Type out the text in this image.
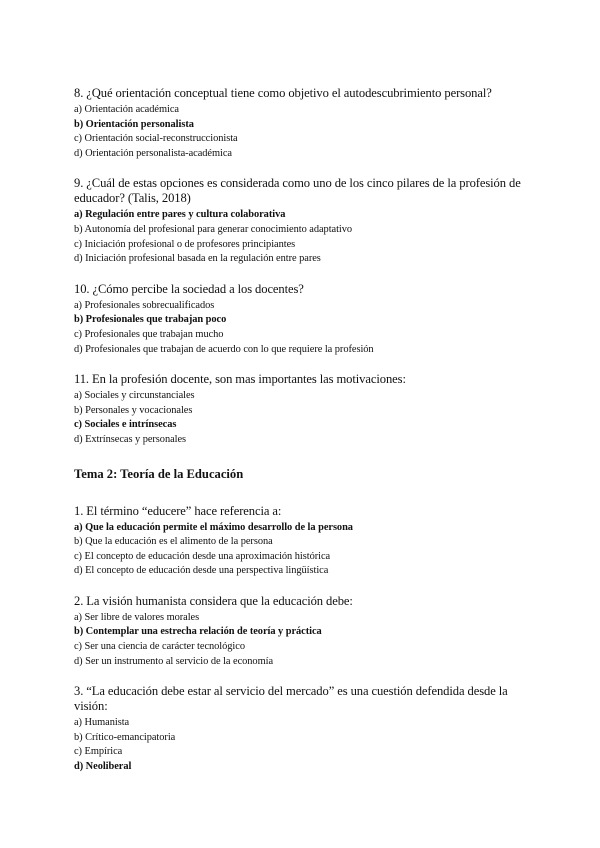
8. ¿Qué orientación conceptual tiene como objetivo el autodescubrimiento personal?

a) Orientación académica

b) Orientación personalista

c) Orientación social-reconstruccionista

d) Orientación personalista-académica

9. ¿Cuál de estas opciones es considerada como uno de los cinco pilares de la profesión de educador? (Talis, 2018)

a) Regulación entre pares y cultura colaborativa

b) Autonomía del profesional para generar conocimiento adaptativo

c) Iniciación profesional o de profesores principiantes

d) Iniciación profesional basada en la regulación entre pares

10. ¿Cómo percibe la sociedad a los docentes?

a) Profesionales sobrecualificados

b) Profesionales que trabajan poco

c) Profesionales que trabajan mucho

d) Profesionales que trabajan de acuerdo con lo que requiere la profesión

11. En la profesión docente, son mas importantes las motivaciones:

a) Sociales y circunstanciales

b) Personales y vocacionales

c) Sociales e intrínsecas

d) Extrínsecas y personales

Tema 2: Teoría de la Educación

1. El término “educere” hace referencia a:

a) Que la educación permite el máximo desarrollo de la persona

b) Que la educación es el alimento de la persona

c) El concepto de educación desde una aproximación histórica

d) El concepto de educación desde una perspectiva lingüística

2. La visión humanista considera que la educación debe:

a) Ser libre de valores morales

b) Contemplar una estrecha relación de teoría y práctica

c) Ser una ciencia de carácter tecnológico

d) Ser un instrumento al servicio de la economía

3. “La educación debe estar al servicio del mercado” es una cuestión defendida desde la visión:

a) Humanista

b) Crítico-emancipatoria

c) Empírica

d) Neoliberal
